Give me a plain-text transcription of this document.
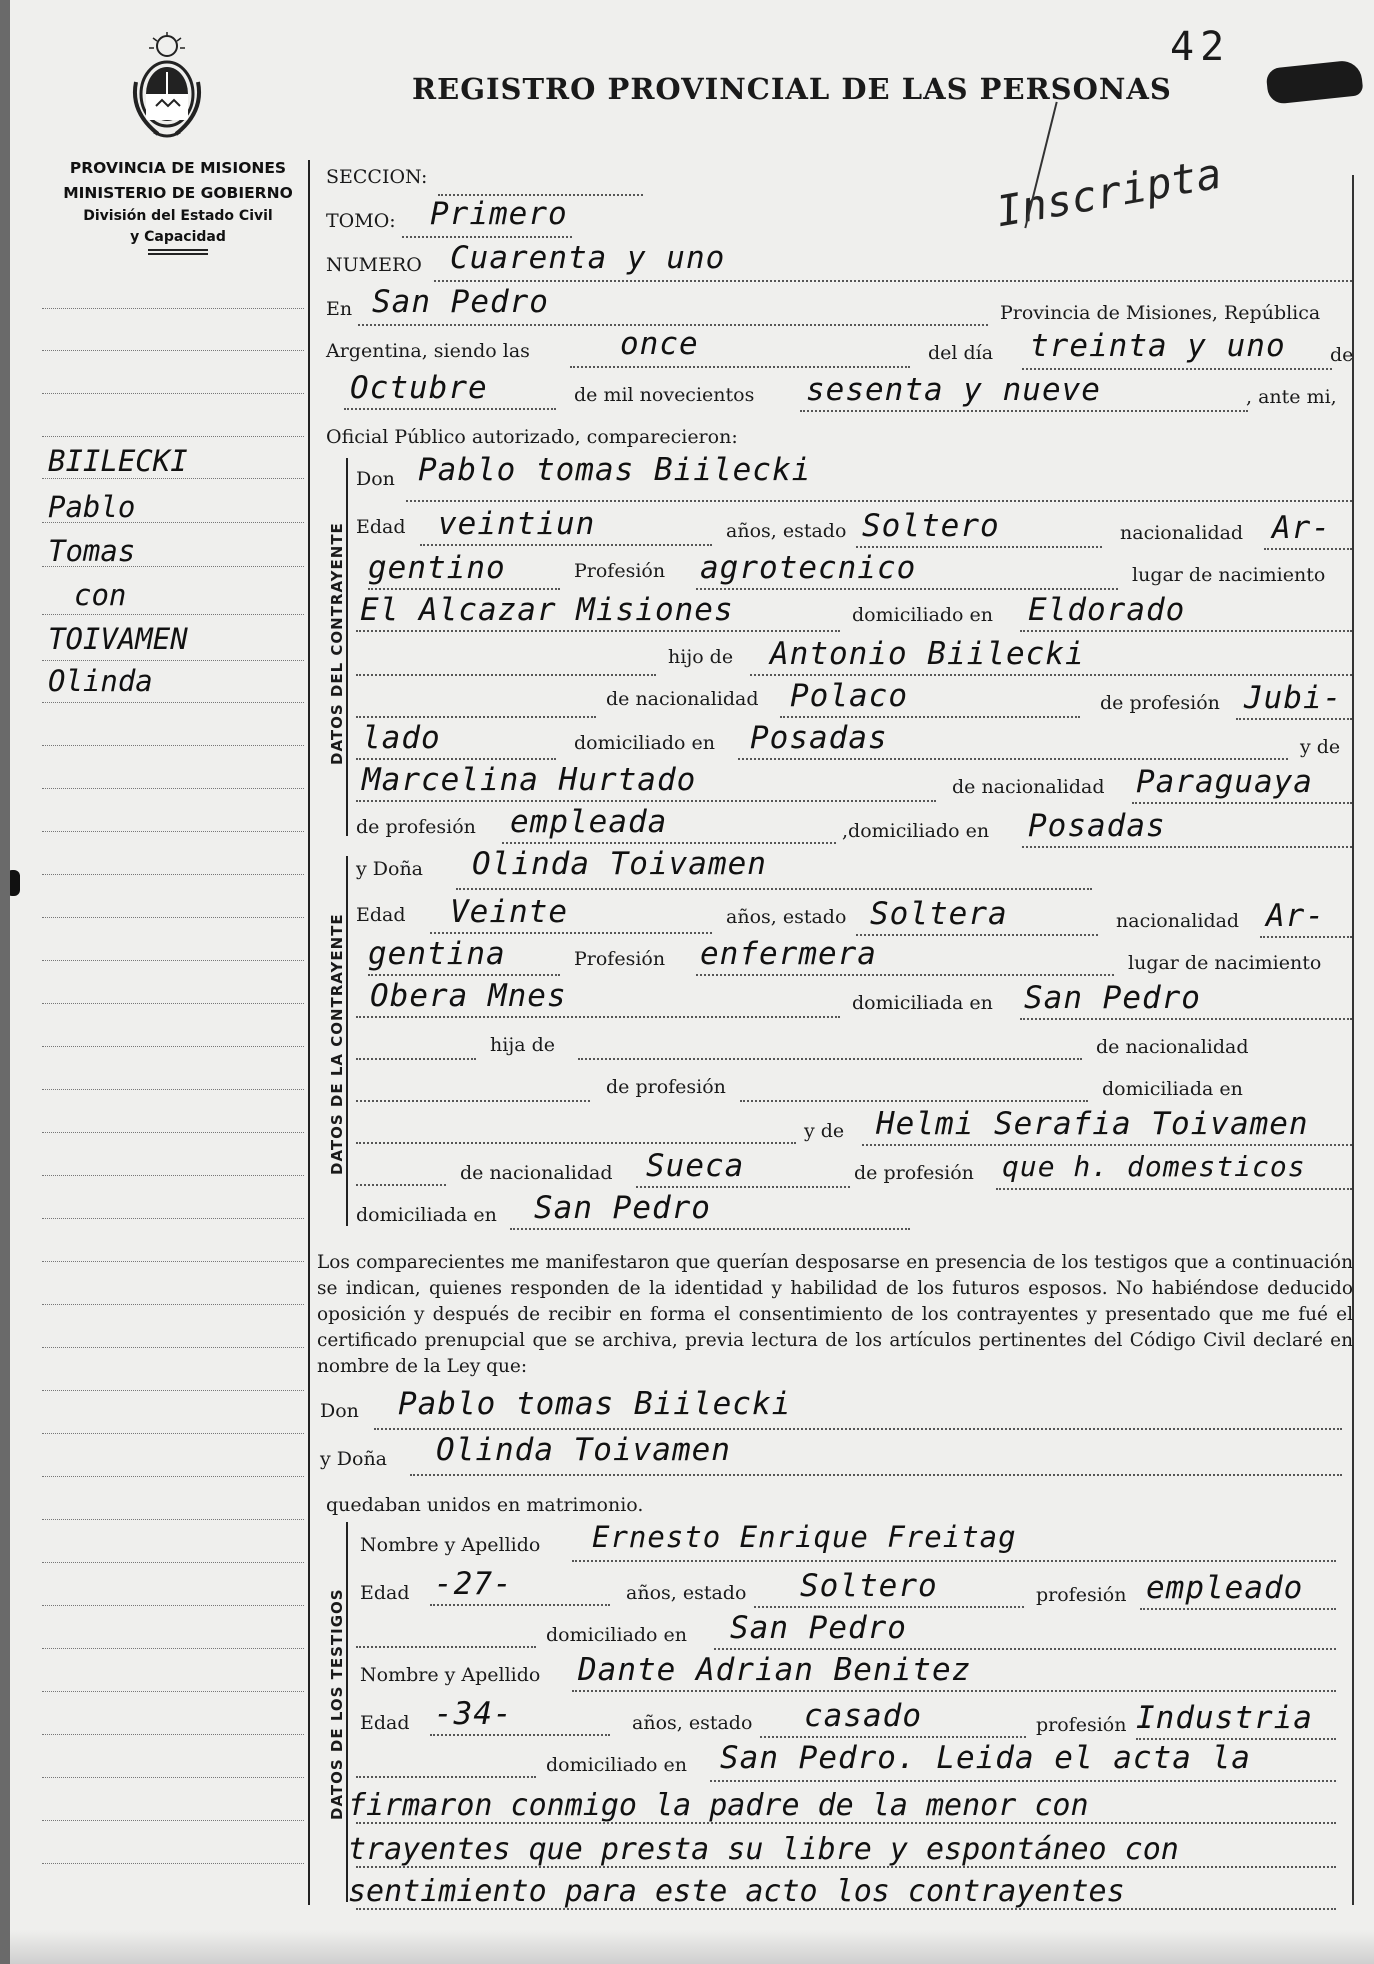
PROVINCIA DE MISIONES
MINISTERIO DE GOBIERNO
División del Estado Civil
y Capacidad
42
REGISTRO PROVINCIAL DE LAS PERSONAS
Inscripta
BIILECKI
Pablo
Tomas
con
TOIVAMEN
Olinda
SECCION:
TOMO: Primero
NUMERO Cuarenta y uno
En San Pedro	Provincia de Misiones, República
Argentina, siendo las	once	del día treinta y uno de
Octubre	de mil novecientos sesenta y nueve	, ante mi,
Oficial Público autorizado, comparecieron:
DATOS DEL CONTRAYENTE
Don Pablo tomas Biilecki
Edad veintiun	años, estado Soltero	nacionalidad Ar-
gentino	Profesión agrotecnico	lugar de nacimiento
El Alcazar Misiones	domiciliado en Eldorado
hijo de Antonio Biilecki
de nacionalidad Polaco	de profesión Jubi-
lado	domiciliado en Posadas	y de
Marcelina Hurtado	de nacionalidad Paraguaya
de profesión empleada	,domiciliado en Posadas
DATOS DE LA CONTRAYENTE
y Doña Olinda Toivamen
Edad Veinte	años, estado Soltera	nacionalidad Ar-
gentina	Profesión enfermera	lugar de nacimiento
Obera Mnes	domiciliada en San Pedro
hija de	de nacionalidad
de profesión	domiciliada en
y de Helmi Serafia Toivamen
de nacionalidad Sueca	de profesión que h. domesticos
domiciliada en San Pedro
Los comparecientes me manifestaron que querían desposarse en presencia de los testigos que a continuación se indican, quienes responden de la identidad y habilidad de los futuros esposos. No habiéndose deducido oposición y después de recibir en forma el consentimiento de los contrayentes y presentado que me fué el certificado prenupcial que se archiva, previa lectura de los artículos pertinentes del Código Civil declaré en nombre de la Ley que:
Don Pablo tomas Biilecki
y Doña Olinda Toivamen
quedaban unidos en matrimonio.
DATOS DE LOS TESTIGOS
Nombre y Apellido Ernesto Enrique Freitag
Edad -27-	años, estado Soltero	profesión empleado
domiciliado en San Pedro
Nombre y Apellido Dante Adrian Benitez
Edad -34-	años, estado casado	profesión Industria
domiciliado en San Pedro. Leida el acta la
firmaron conmigo la padre de la menor con
trayentes que presta su libre y espontáneo con
sentimiento para este acto los contrayentes
